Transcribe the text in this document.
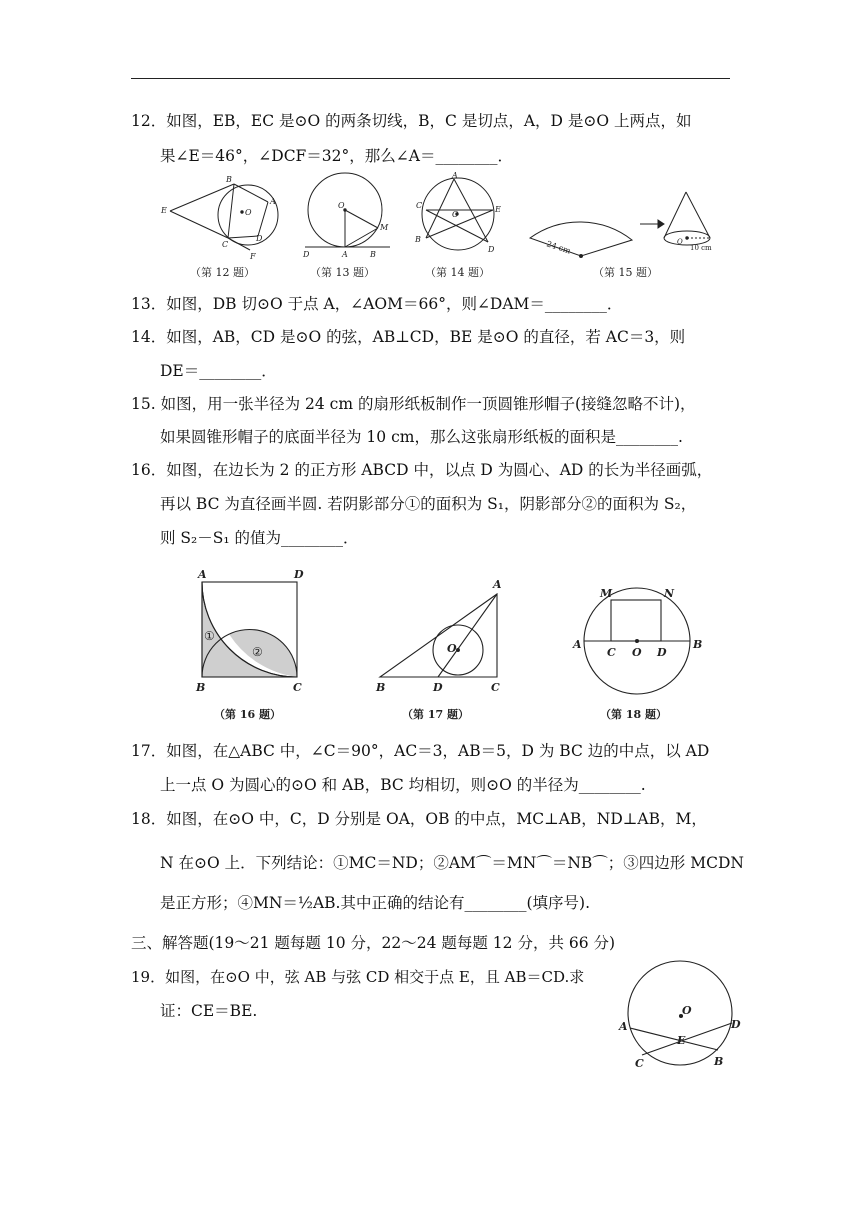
12．如图，EB，EC 是⊙O 的两条切线，B，C 是切点，A，D 是⊙O 上两点，如
果∠E＝46°，∠DCF＝32°，那么∠A＝________．
E
B
A
O
C
D
F
O
M
D	A	B
A
C
O
E
B
D	24 cm	O
10 cm
（第 12 题）	（第 13 题）	（第 14 题）	（第 15 题）
13．如图，DB 切⊙O 于点 A，∠AOM＝66°，则∠DAM＝________．
14．如图，AB，CD 是⊙O 的弦，AB⊥CD，BE 是⊙O 的直径，若 AC＝3，则
DE＝________．
15. 如图，用一张半径为 24 cm 的扇形纸板制作一顶圆锥形帽子(接缝忽略不计)，
如果圆锥形帽子的底面半径为 10 cm，那么这张扇形纸板的面积是________.
16．如图，在边长为 2 的正方形 ABCD 中，以点 D 为圆心、AD 的长为半径画弧，
再以 BC 为直径画半圆. 若阴影部分①的面积为 S₁，阴影部分②的面积为 S₂，
则 S₂－S₁ 的值为________．
A	D
B	C
①
②
A
O
B	D	C
M	N
A	B
C O D
（第 16 题）	（第 17 题）	（第 18 题）
17．如图，在△ABC 中，∠C＝90°，AC＝3，AB＝5，D 为 BC 边的中点，以 AD
上一点 O 为圆心的⊙O 和 AB，BC 均相切，则⊙O 的半径为________.
18．如图，在⊙O 中，C，D 分别是 OA，OB 的中点，MC⊥AB，ND⊥AB，M，
N 在⊙O 上．下列结论：①MC＝ND；②AM⌒＝MN⌒＝NB⌒；③四边形 MCDN
是正方形；④MN＝½AB.其中正确的结论有________(填序号).
三、解答题(19～21 题每题 10 分，22～24 题每题 12 分，共 66 分)
19．如图，在⊙O 中，弦 AB 与弦 CD 相交于点 E，且 AB＝CD.求
证：CE＝BE.	O
A	D
E
C	B
